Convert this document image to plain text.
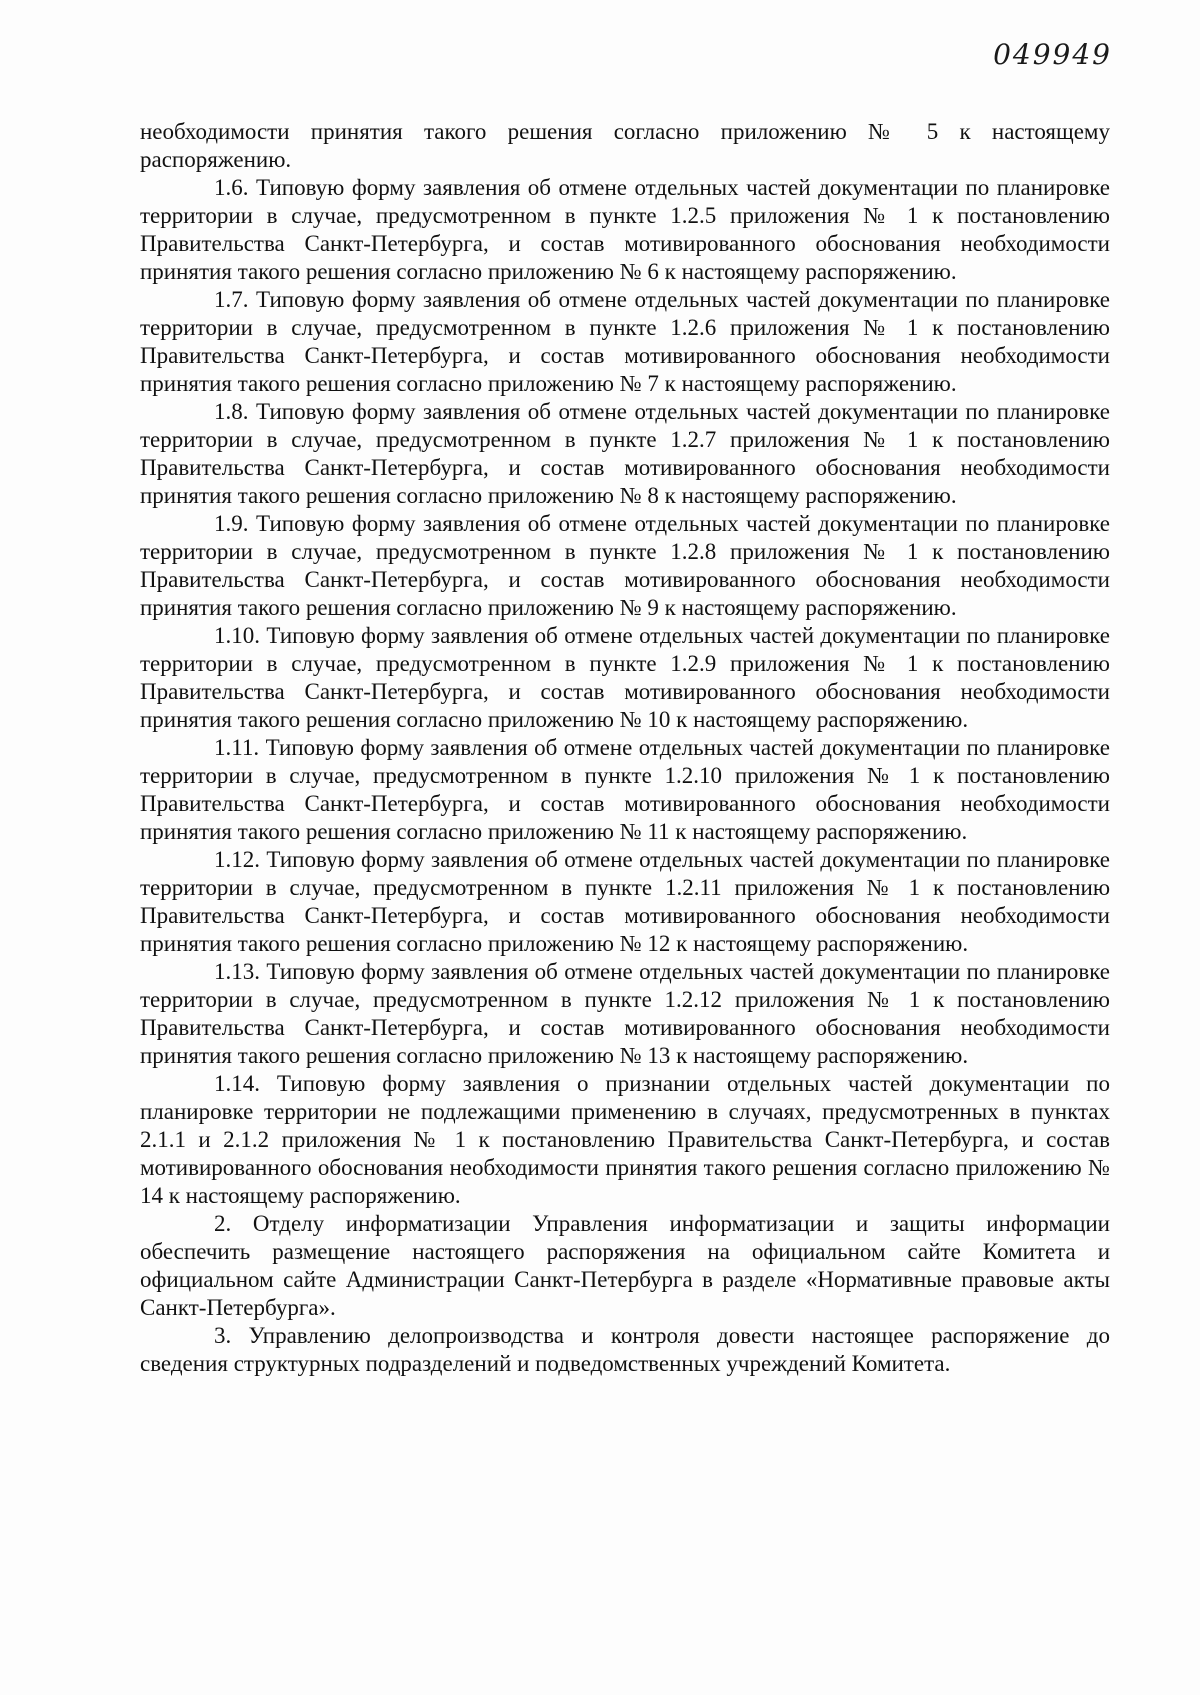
049949

необходимости принятия такого решения согласно приложению № 5 к настоящему распоряжению.

1.6. Типовую форму заявления об отмене отдельных частей документации по планировке территории в случае, предусмотренном в пункте 1.2.5 приложения № 1 к постановлению Правительства Санкт-Петербурга, и состав мотивированного обоснования необходимости принятия такого решения согласно приложению № 6 к настоящему распоряжению.

1.7. Типовую форму заявления об отмене отдельных частей документации по планировке территории в случае, предусмотренном в пункте 1.2.6 приложения № 1 к постановлению Правительства Санкт-Петербурга, и состав мотивированного обоснования необходимости принятия такого решения согласно приложению № 7 к настоящему распоряжению.

1.8. Типовую форму заявления об отмене отдельных частей документации по планировке территории в случае, предусмотренном в пункте 1.2.7 приложения № 1 к постановлению Правительства Санкт-Петербурга, и состав мотивированного обоснования необходимости принятия такого решения согласно приложению № 8 к настоящему распоряжению.

1.9. Типовую форму заявления об отмене отдельных частей документации по планировке территории в случае, предусмотренном в пункте 1.2.8 приложения № 1 к постановлению Правительства Санкт-Петербурга, и состав мотивированного обоснования необходимости принятия такого решения согласно приложению № 9 к настоящему распоряжению.

1.10. Типовую форму заявления об отмене отдельных частей документации по планировке территории в случае, предусмотренном в пункте 1.2.9 приложения № 1 к постановлению Правительства Санкт-Петербурга, и состав мотивированного обоснования необходимости принятия такого решения согласно приложению № 10 к настоящему распоряжению.

1.11. Типовую форму заявления об отмене отдельных частей документации по планировке территории в случае, предусмотренном в пункте 1.2.10 приложения № 1 к постановлению Правительства Санкт-Петербурга, и состав мотивированного обоснования необходимости принятия такого решения согласно приложению № 11 к настоящему распоряжению.

1.12. Типовую форму заявления об отмене отдельных частей документации по планировке территории в случае, предусмотренном в пункте 1.2.11 приложения № 1 к постановлению Правительства Санкт-Петербурга, и состав мотивированного обоснования необходимости принятия такого решения согласно приложению № 12 к настоящему распоряжению.

1.13. Типовую форму заявления об отмене отдельных частей документации по планировке территории в случае, предусмотренном в пункте 1.2.12 приложения № 1 к постановлению Правительства Санкт-Петербурга, и состав мотивированного обоснования необходимости принятия такого решения согласно приложению № 13 к настоящему распоряжению.

1.14. Типовую форму заявления о признании отдельных частей документации по планировке территории не подлежащими применению в случаях, предусмотренных в пунктах 2.1.1 и 2.1.2 приложения № 1 к постановлению Правительства Санкт-Петербурга, и состав мотивированного обоснования необходимости принятия такого решения согласно приложению № 14 к настоящему распоряжению.

2. Отделу информатизации Управления информатизации и защиты информации обеспечить размещение настоящего распоряжения на официальном сайте Комитета и официальном сайте Администрации Санкт-Петербурга в разделе «Нормативные правовые акты Санкт-Петербурга».

3. Управлению делопроизводства и контроля довести настоящее распоряжение до сведения структурных подразделений и подведомственных учреждений Комитета.
